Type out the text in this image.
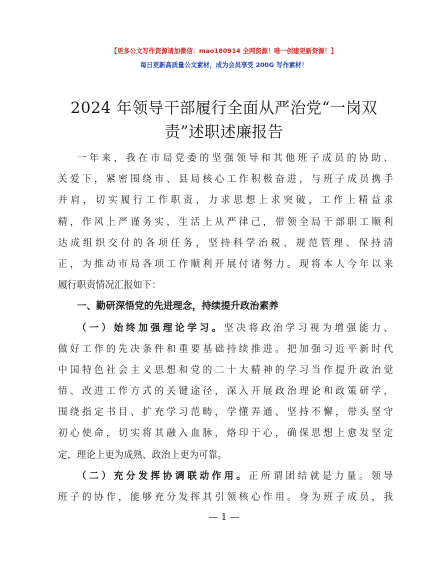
【更多公文写作资源请加微信：mao180914 全网资源！唯一创建更新资源！】
每日更新高质量公文素材，成为会员享受 200G 写作素材！
2024 年领导干部履行全面从严治党“一岗双
责”述职述廉报告
一年来，我在市局党委的坚强领导和其他班子成员的协助、
关爱下，紧密围绕市、县局核心工作积极奋进，与班子成员携手
并肩，切实履行工作职责，力求思想上求突破，工作上精益求
精，作风上严谨务实，生活上从严律己，带领全局干部职工顺利
达成组织交付的各项任务，坚持科学治税、规范管理、保持清
正，为推动市局各项工作顺利开展付诸努力。现将本人今年以来
履行职责情况汇报如下：
一、勤研深悟党的先进理念，持续提升政治素养
（一）始终加强理论学习。坚决将政治学习视为增强能力、
做好工作的先决条件和重要基础持续推进。把加强习近平新时代
中国特色社会主义思想和党的二十大精神的学习当作提升政治觉
悟、改进工作方式的关键途径，深入开展政治理论和政策研学，
围绕指定书目、扩充学习范畴，学懂弄通、坚持不懈，带头坚守
初心使命，切实将其融入血脉，烙印于心，确保思想上愈发坚定
定，理论上更为成熟、政治上更为可靠。
（二）充分发挥协调联动作用。正所谓团结就是力量。领导
班子的协作，能够充分发挥其引领核心作用。身为班子成员，我
— 1 —
